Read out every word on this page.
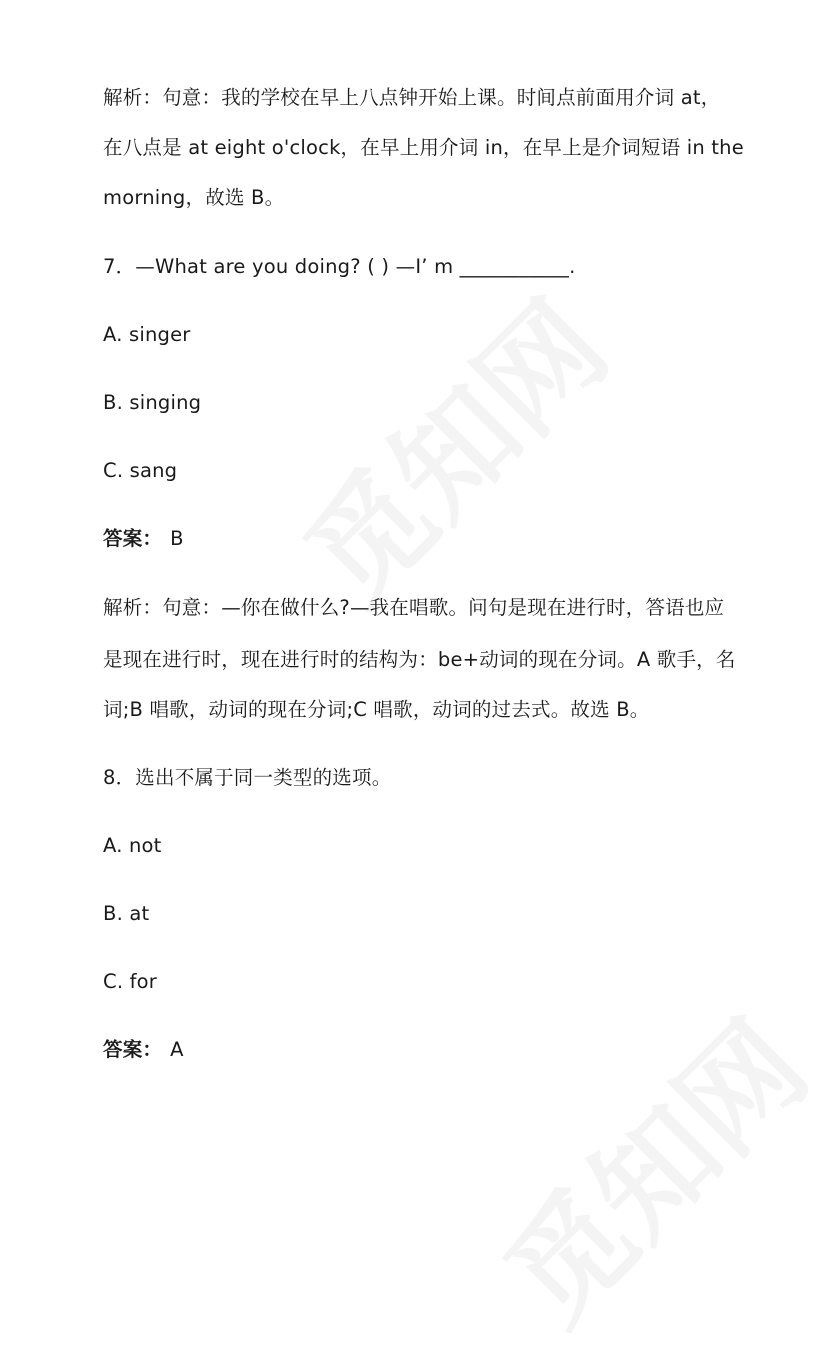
解析：句意：我的学校在早上八点钟开始上课。时间点前面用介词 at，
在八点是 at eight o'clock，在早上用介词 in，在早上是介词短语 in the
morning，故选 B。
7．—What are you doing? ( ) —I’ m ___________.
A. singer
B. singing
C. sang
答案： B
解析：句意：—你在做什么?—我在唱歌。问句是现在进行时，答语也应
是现在进行时，现在进行时的结构为：be+动词的现在分词。A 歌手，名
词;B 唱歌，动词的现在分词;C 唱歌，动词的过去式。故选 B。
8．选出不属于同一类型的选项。
A. not
B. at
C. for
答案： A
